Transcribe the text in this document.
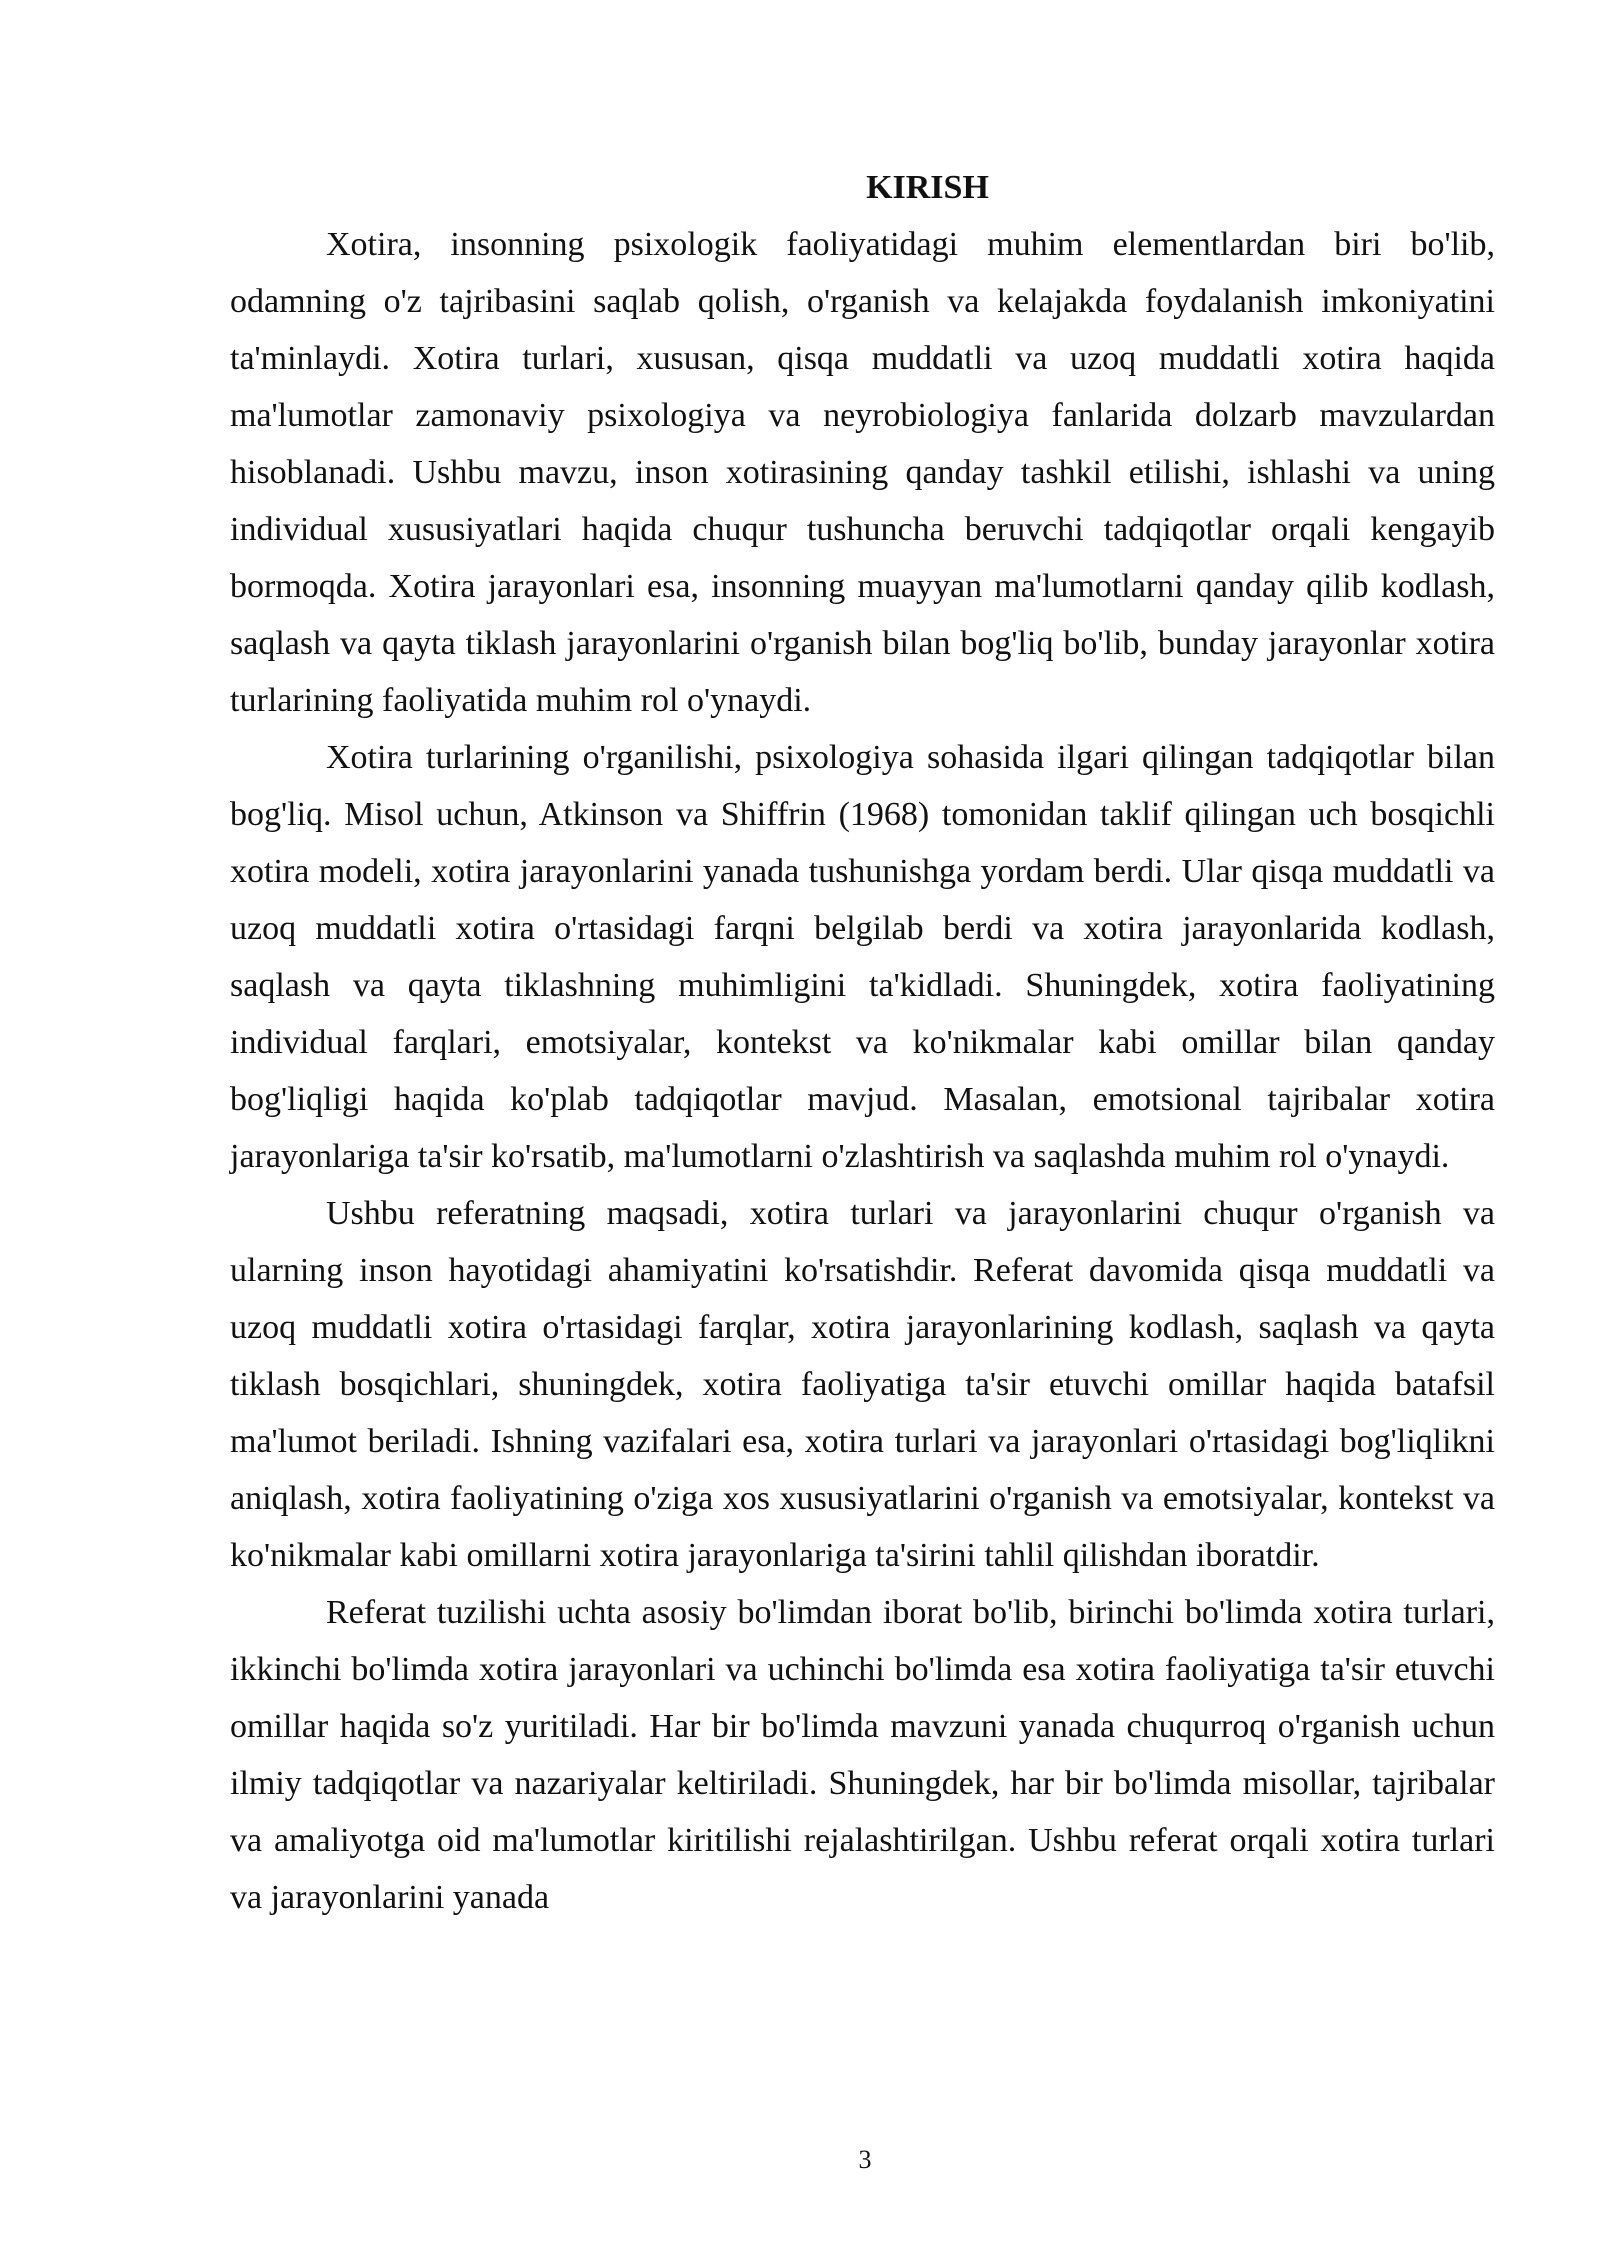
KIRISH

Xotira, insonning psixologik faoliyatidagi muhim elementlardan biri bo'lib, odamning o'z tajribasini saqlab qolish, o'rganish va kelajakda foydalanish imkoniyatini ta'minlaydi. Xotira turlari, xususan, qisqa muddatli va uzoq muddatli xotira haqida ma'lumotlar zamonaviy psixologiya va neyrobiologiya fanlarida dolzarb mavzulardan hisoblanadi. Ushbu mavzu, inson xotirasining qanday tashkil etilishi, ishlashi va uning individual xususiyatlari haqida chuqur tushuncha beruvchi tadqiqotlar orqali kengayib bormoqda. Xotira jarayonlari esa, insonning muayyan ma'lumotlarni qanday qilib kodlash, saqlash va qayta tiklash jarayonlarini o'rganish bilan bog'liq bo'lib, bunday jarayonlar xotira turlarining faoliyatida muhim rol o'ynaydi.

Xotira turlarining o'rganilishi, psixologiya sohasida ilgari qilingan tadqiqotlar bilan bog'liq. Misol uchun, Atkinson va Shiffrin (1968) tomonidan taklif qilingan uch bosqichli xotira modeli, xotira jarayonlarini yanada tushunishga yordam berdi. Ular qisqa muddatli va uzoq muddatli xotira o'rtasidagi farqni belgilab berdi va xotira jarayonlarida kodlash, saqlash va qayta tiklashning muhimligini ta'kidladi. Shuningdek, xotira faoliyatining individual farqlari, emotsiyalar, kontekst va ko'nikmalar kabi omillar bilan qanday bog'liqligi haqida ko'plab tadqiqotlar mavjud. Masalan, emotsional tajribalar xotira jarayonlariga ta'sir ko'rsatib, ma'lumotlarni o'zlashtirish va saqlashda muhim rol o'ynaydi.

Ushbu referatning maqsadi, xotira turlari va jarayonlarini chuqur o'rganish va ularning inson hayotidagi ahamiyatini ko'rsatishdir. Referat davomida qisqa muddatli va uzoq muddatli xotira o'rtasidagi farqlar, xotira jarayonlarining kodlash, saqlash va qayta tiklash bosqichlari, shuningdek, xotira faoliyatiga ta'sir etuvchi omillar haqida batafsil ma'lumot beriladi. Ishning vazifalari esa, xotira turlari va jarayonlari o'rtasidagi bog'liqlikni aniqlash, xotira faoliyatining o'ziga xos xususiyatlarini o'rganish va emotsiyalar, kontekst va ko'nikmalar kabi omillarni xotira jarayonlariga ta'sirini tahlil qilishdan iboratdir.

Referat tuzilishi uchta asosiy bo'limdan iborat bo'lib, birinchi bo'limda xotira turlari, ikkinchi bo'limda xotira jarayonlari va uchinchi bo'limda esa xotira faoliyatiga ta'sir etuvchi omillar haqida so'z yuritiladi. Har bir bo'limda mavzuni yanada chuqurroq o'rganish uchun ilmiy tadqiqotlar va nazariyalar keltiriladi. Shuningdek, har bir bo'limda misollar, tajribalar va amaliyotga oid ma'lumotlar kiritilishi rejalashtirilgan. Ushbu referat orqali xotira turlari va jarayonlarini yanada

3
